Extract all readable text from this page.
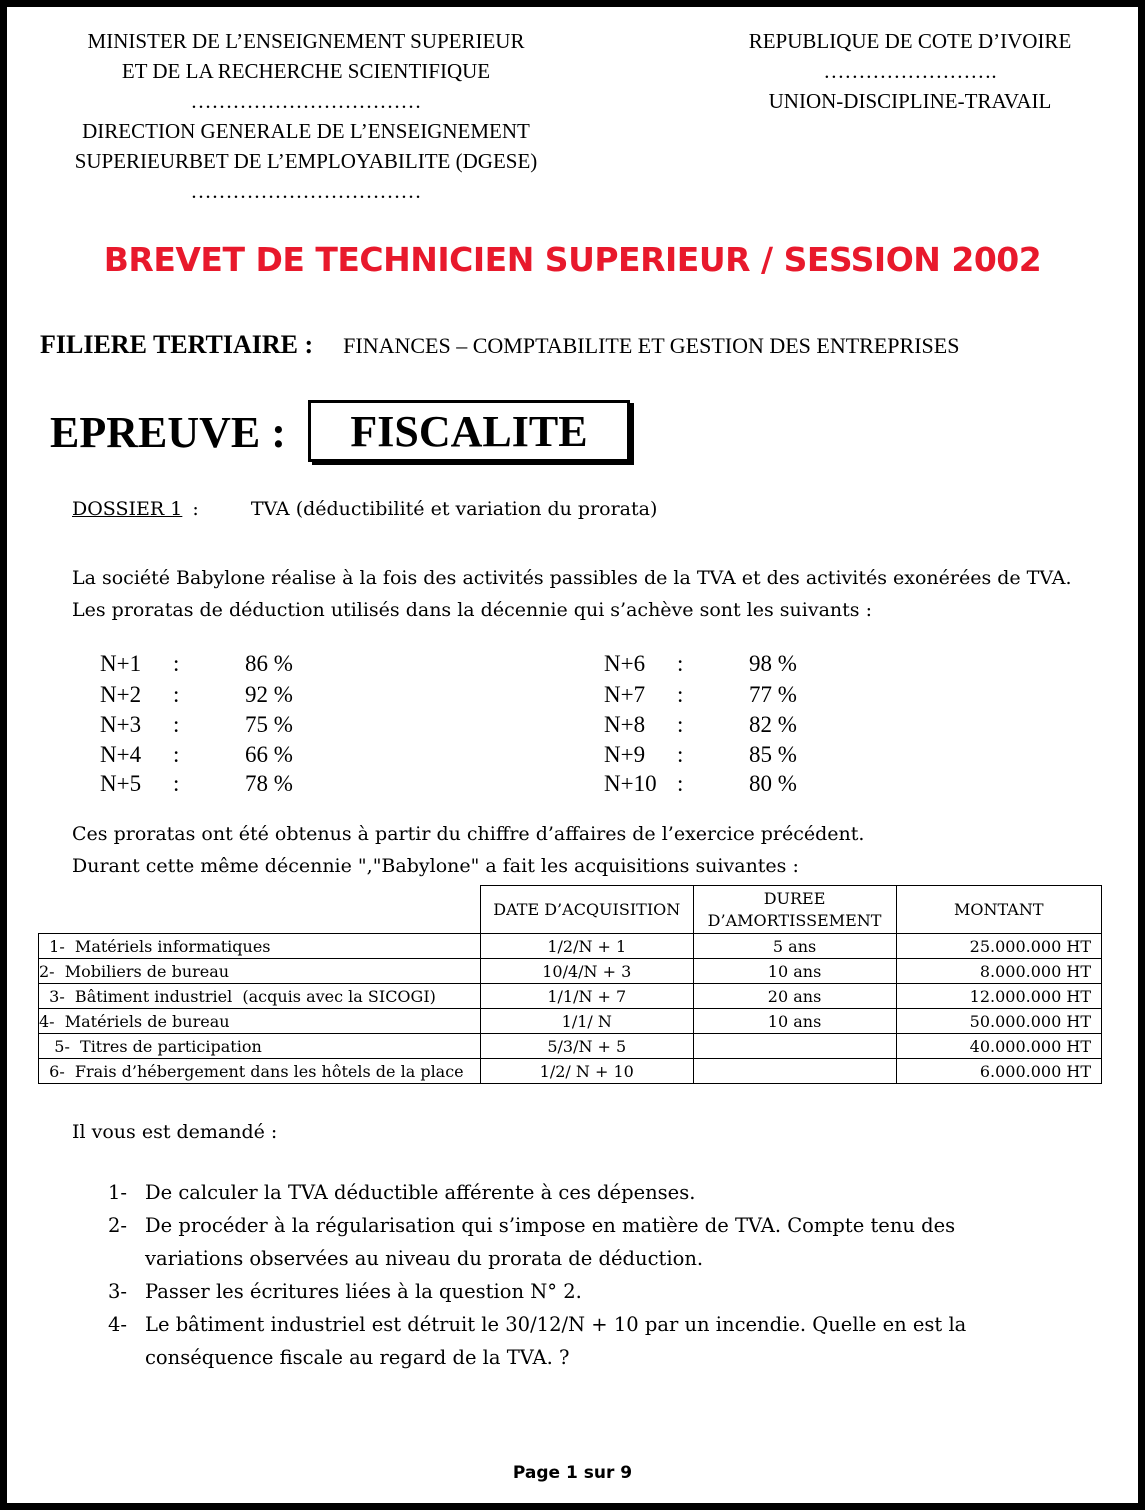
MINISTER DE L’ENSEIGNEMENT SUPERIEUR
ET DE LA RECHERCHE SCIENTIFIQUE
……………………………
DIRECTION GENERALE DE L’ENSEIGNEMENT
SUPERIEURBET DE L’EMPLOYABILITE (DGESE)
……………………………
REPUBLIQUE DE COTE D’IVOIRE
…………………….
UNION-DISCIPLINE-TRAVAIL
BREVET DE TECHNICIEN SUPERIEUR / SESSION 2002
FILIERE TERTIAIRE : FINANCES – COMPTABILITE ET GESTION DES ENTREPRISES
EPREUVE :	FISCALITE
DOSSIER 1 :	TVA (déductibilité et variation du prorata)
La société Babylone réalise à la fois des activités passibles de la TVA et des activités exonérées de TVA. Les proratas de déduction utilisés dans la décennie qui s’achève sont les suivants :
N+1 :	86 %
N+2 :	92 %
N+3 :	75 %
N+4 :	66 %
N+5 :	78 %
N+6 :	98 %
N+7 :	77 %
N+8 :	82 %
N+9 :	85 %
N+10 :	80 %
Ces proratas ont été obtenus à partir du chiffre d’affaires de l’exercice précédent.
Durant cette même décennie ","Babylone" a fait les acquisitions suivantes :
	DATE D’ACQUISITION	DUREE D’AMORTISSEMENT	MONTANT
1-  Matériels informatiques	1/2/N + 1	5 ans	25.000.000 HT
2-  Mobiliers de bureau	10/4/N + 3	10 ans	8.000.000 HT
3-  Bâtiment industriel  (acquis avec la SICOGI)	1/1/N + 7	20 ans	12.000.000 HT
4-  Matériels de bureau	1/1/ N	10 ans	50.000.000 HT
5-  Titres de participation	5/3/N + 5		40.000.000 HT
6-  Frais d’hébergement dans les hôtels de la place	1/2/ N + 10		6.000.000 HT
Il vous est demandé :
1- De calculer la TVA déductible afférente à ces dépenses.
2- De procéder à la régularisation qui s’impose en matière de TVA. Compte tenu des variations observées au niveau du prorata de déduction.
3- Passer les écritures liées à la question N° 2.
4- Le bâtiment industriel est détruit le 30/12/N + 10 par un incendie. Quelle en est la conséquence fiscale au regard de la TVA. ?
Page 1 sur 9
